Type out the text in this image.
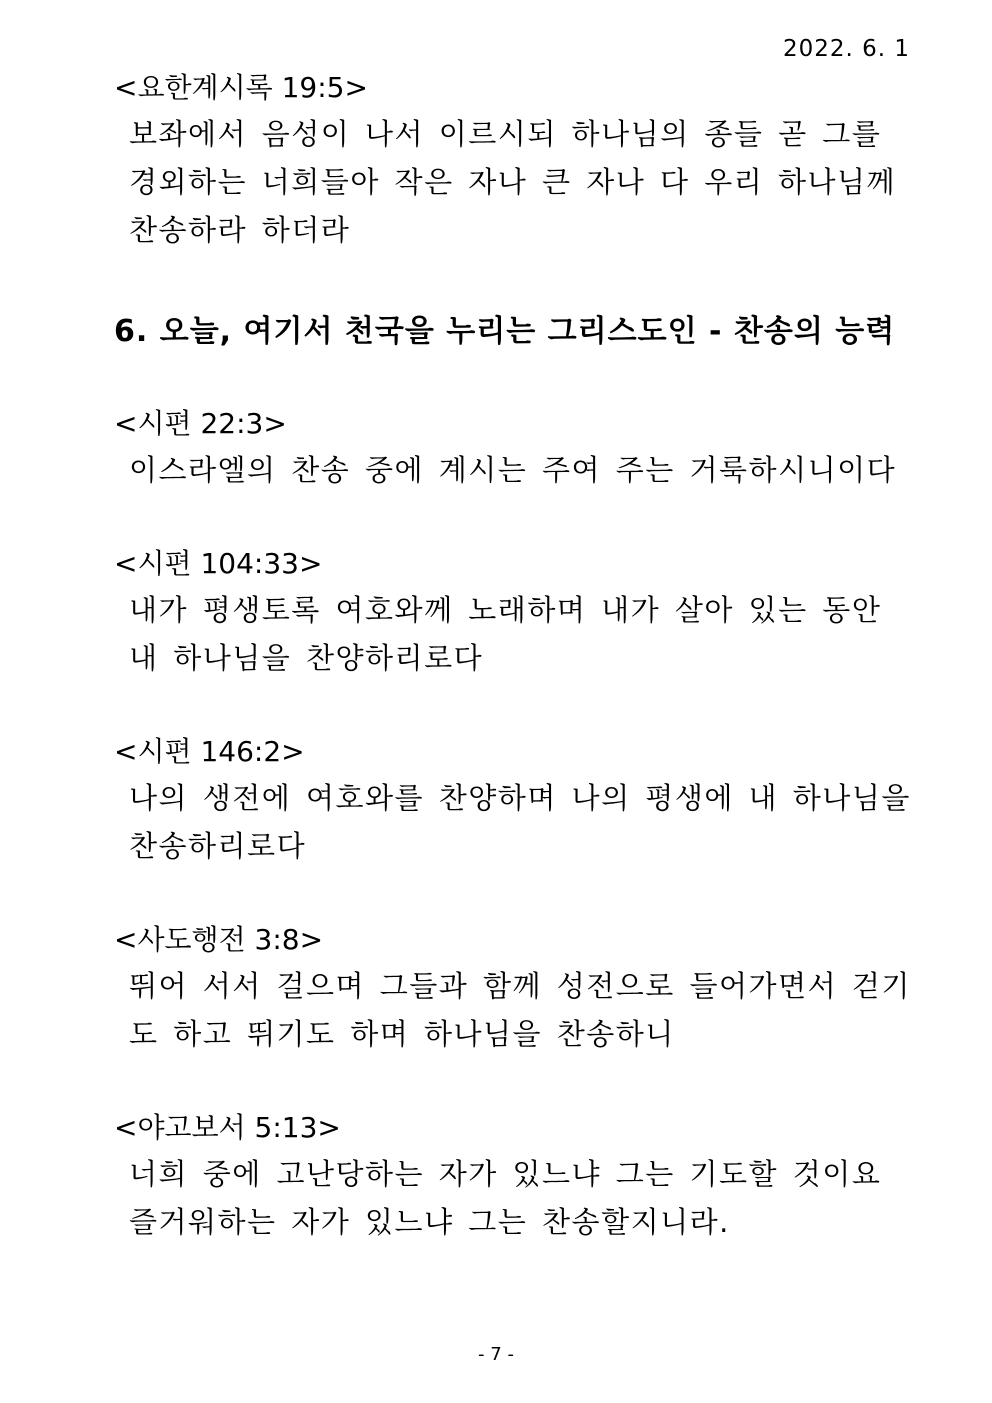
2022. 6. 1

<요한계시록 19:5>

보좌에서 음성이 나서 이르시되 하나님의 종들 곧 그를
경외하는 너희들아 작은 자나 큰 자나 다 우리 하나님께
찬송하라 하더라
6. 오늘, 여기서 천국을 누리는 그리스도인 - 찬송의 능력

<시편 22:3>

이스라엘의 찬송 중에 계시는 주여 주는 거룩하시니이다

<시편 104:33>

내가 평생토록 여호와께 노래하며 내가 살아 있는 동안
내 하나님을 찬양하리로다

<시편 146:2>

나의 생전에 여호와를 찬양하며 나의 평생에 내 하나님을
찬송하리로다

<사도행전 3:8>

뛰어 서서 걸으며 그들과 함께 성전으로 들어가면서 걷기
도 하고 뛰기도 하며 하나님을 찬송하니

<야고보서 5:13>

너희 중에 고난당하는 자가 있느냐 그는 기도할 것이요
즐거워하는 자가 있느냐 그는 찬송할지니라.
- 7 -
